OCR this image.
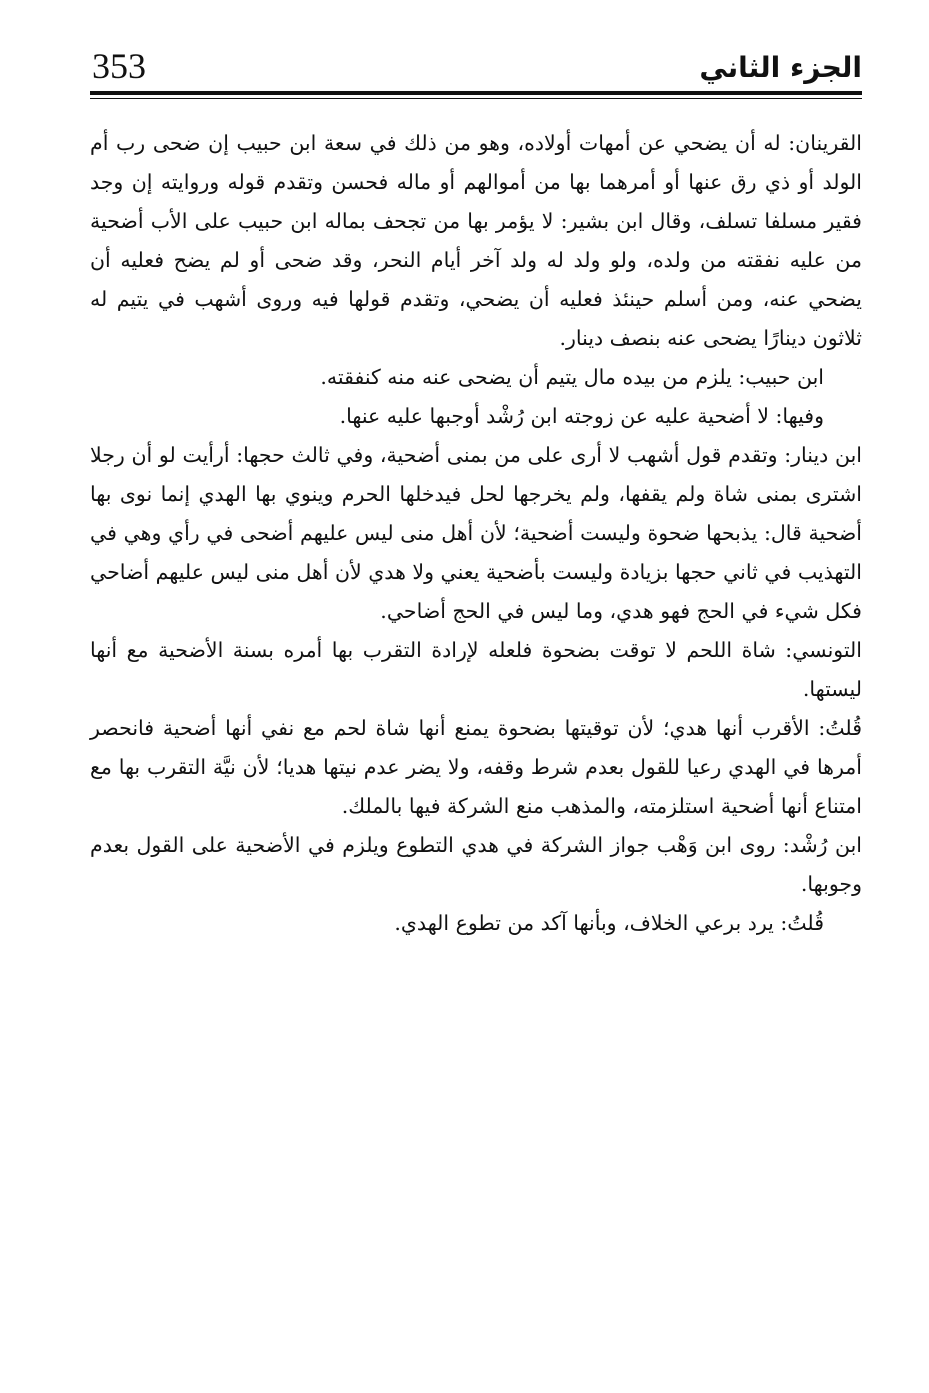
353	الجزء الثاني

القرينان: له أن يضحي عن أمهات أولاده، وهو من ذلك في سعة ابن حبيب إن ضحى رب أم الولد أو ذي رق عنها أو أمرهما بها من أموالهم أو ماله فحسن وتقدم قوله وروايته إن وجد فقير مسلفا تسلف، وقال ابن بشير: لا يؤمر بها من تجحف بماله ابن حبيب على الأب أضحية من عليه نفقته من ولده، ولو ولد له ولد آخر أيام النحر، وقد ضحى أو لم يضح فعليه أن يضحي عنه، ومن أسلم حينئذ فعليه أن يضحي، وتقدم قولها فيه وروى أشهب في يتيم له ثلاثون دينارًا يضحى عنه بنصف دينار.

ابن حبيب: يلزم من بيده مال يتيم أن يضحى عنه منه كنفقته.

وفيها: لا أضحية عليه عن زوجته ابن رُشْد أوجبها عليه عنها.

ابن دينار: وتقدم قول أشهب لا أرى على من بمنى أضحية، وفي ثالث حجها: أرأيت لو أن رجلا اشترى بمنى شاة ولم يقفها، ولم يخرجها لحل فيدخلها الحرم وينوي بها الهدي إنما نوى بها أضحية قال: يذبحها ضحوة وليست أضحية؛ لأن أهل منى ليس عليهم أضحى في رأي وهي في التهذيب في ثاني حجها بزيادة وليست بأضحية يعني ولا هدي لأن أهل منى ليس عليهم أضاحي فكل شيء في الحج فهو هدي، وما ليس في الحج أضاحي.

التونسي: شاة اللحم لا توقت بضحوة فلعله لإرادة التقرب بها أمره بسنة الأضحية مع أنها ليستها.

قُلتُ: الأقرب أنها هدي؛ لأن توقيتها بضحوة يمنع أنها شاة لحم مع نفي أنها أضحية فانحصر أمرها في الهدي رعيا للقول بعدم شرط وقفه، ولا يضر عدم نيتها هديا؛ لأن نيَّة التقرب بها مع امتناع أنها أضحية استلزمته، والمذهب منع الشركة فيها بالملك.

ابن رُشْد: روى ابن وَهْب جواز الشركة في هدي التطوع ويلزم في الأضحية على القول بعدم وجوبها.

قُلتُ: يرد برعي الخلاف، وبأنها آكد من تطوع الهدي.
